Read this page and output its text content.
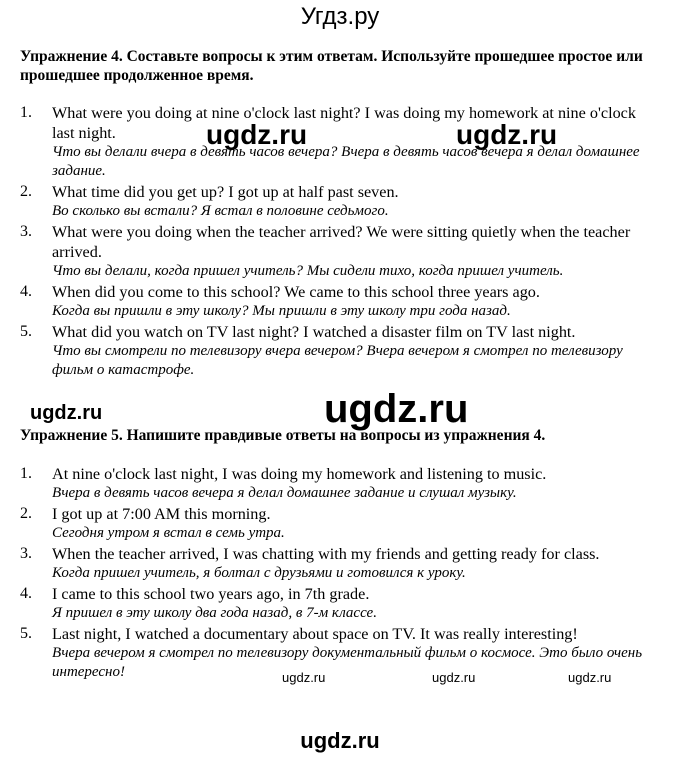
Угдз.ру
Упражнение 4. Составьте вопросы к этим ответам. Используйте прошедшее простое или прошедшее продолженное время.
1. What were you doing at nine o'clock last night? I was doing my homework at nine o'clock last night.
Что вы делали вчера в девять часов вечера? Вчера в девять часов вечера я делал домашнее задание.
2. What time did you get up? I got up at half past seven.
Во сколько вы встали? Я встал в половине седьмого.
3. What were you doing when the teacher arrived? We were sitting quietly when the teacher arrived.
Что вы делали, когда пришел учитель? Мы сидели тихо, когда пришел учитель.
4. When did you come to this school? We came to this school three years ago.
Когда вы пришли в эту школу? Мы пришли в эту школу три года назад.
5. What did you watch on TV last night? I watched a disaster film on TV last night.
Что вы смотрели по телевизору вчера вечером? Вчера вечером я смотрел по телевизору фильм о катастрофе.
Упражнение 5. Напишите правдивые ответы на вопросы из упражнения 4.
1. At nine o'clock last night, I was doing my homework and listening to music.
Вчера в девять часов вечера я делал домашнее задание и слушал музыку.
2. I got up at 7:00 AM this morning.
Сегодня утром я встал в семь утра.
3. When the teacher arrived, I was chatting with my friends and getting ready for class.
Когда пришел учитель, я болтал с друзьями и готовился к уроку.
4. I came to this school two years ago, in 7th grade.
Я пришел в эту школу два года назад, в 7-м классе.
5. Last night, I watched a documentary about space on TV. It was really interesting!
Вчера вечером я смотрел по телевизору документальный фильм о космосе. Это было очень интересно!
ugdz.ru	ugdz.ru
ugdz.ru	ugdz.ru
ugdz.ru	ugdz.ru	ugdz.ru
ugdz.ru
